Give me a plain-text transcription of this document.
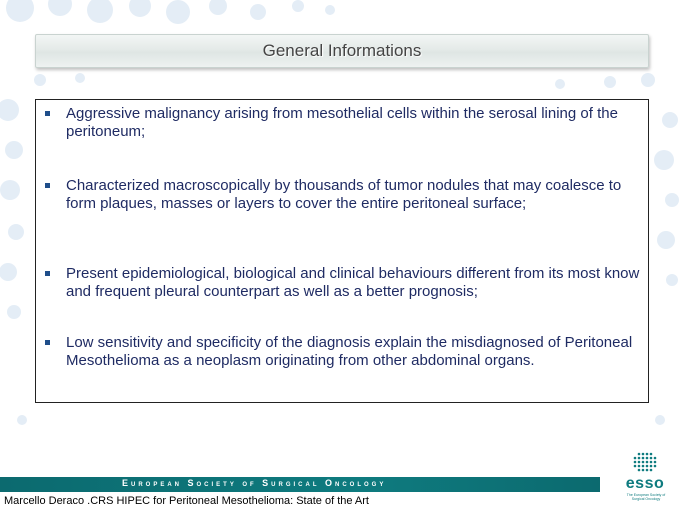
General Informations
Aggressive malignancy arising from mesothelial cells within the serosal lining of the peritoneum;
Characterized macroscopically by thousands of tumor nodules that may coalesce to form plaques, masses or layers to cover the entire peritoneal surface;
Present epidemiological, biological and clinical behaviours different from its most know and frequent pleural counterpart as well as a better prognosis;
Low sensitivity and specificity of the diagnosis explain the misdiagnosed of Peritoneal Mesothelioma as a neoplasm originating from other abdominal organs.
European Society of Surgical Oncology
Marcello Deraco .CRS HIPEC for Peritoneal Mesothelioma: State of the Art
esso
The European Society of Surgical Oncology
